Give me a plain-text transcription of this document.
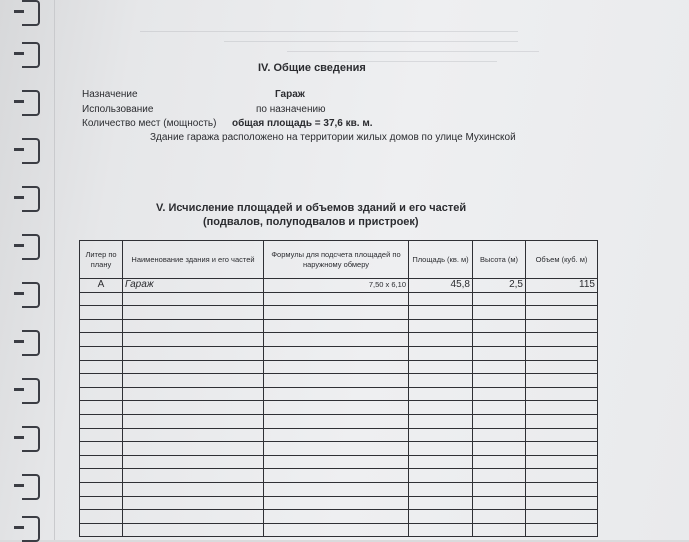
IV. Общие сведения
Назначение	Гараж
Использование	по назначению
Количество мест (мощность) общая площадь = 37,6 кв. м.
Здание гаража расположено на территории жилых домов по улице Мухинской
V. Исчисление площадей и объемов зданий и его частей
(подвалов, полуподвалов и пристроек)
Литер по плану	Наименование здания и его частей	Формулы для подсчета площадей по наружному обмеру	Площадь (кв. м)	Высота (м)	Объем (куб. м)
А	Гараж	7,50 х 6,10	45,8	2,5	115
